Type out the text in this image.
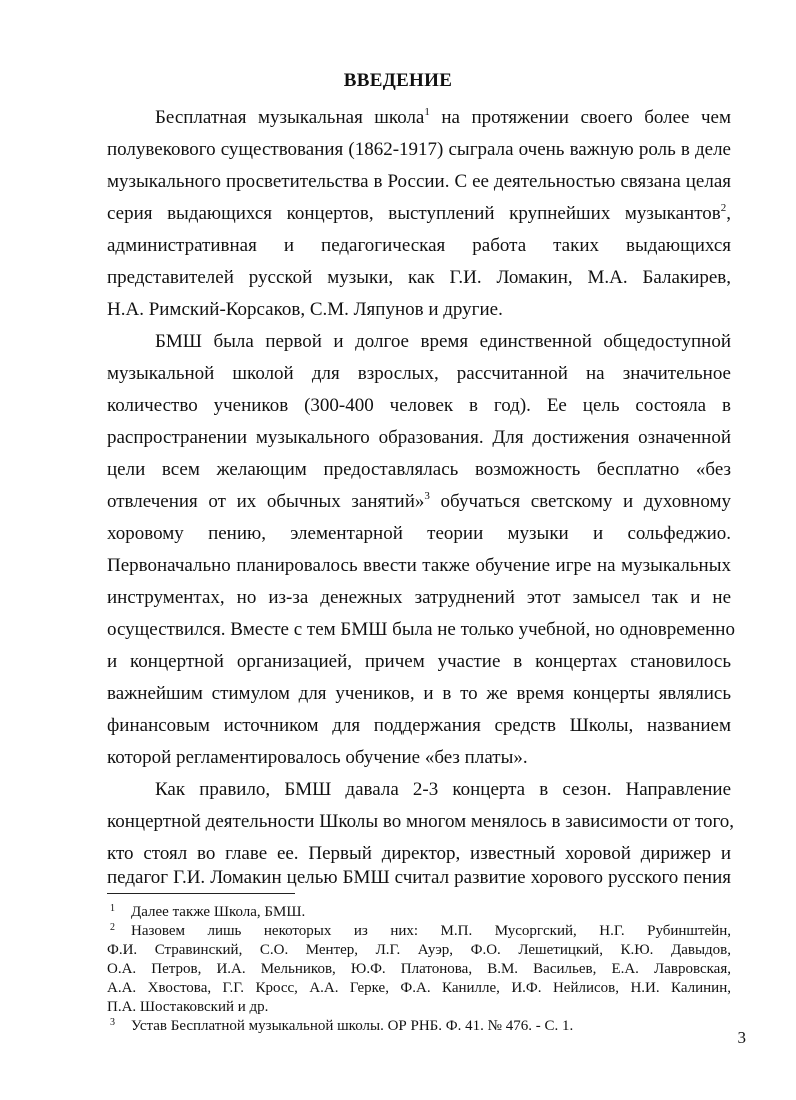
ВВЕДЕНИЕ
Бесплатная музыкальная школа$^1$ на протяжении своего более чем
полувекового существования (1862-1917) сыграла очень важную роль в деле
музыкального просветительства в России. С ее деятельностью связана целая
серия выдающихся концертов, выступлений крупнейших музыкантов$^2$,
административная и педагогическая работа таких выдающихся
представителей русской музыки, как Г.И. Ломакин, М.А. Балакирев,
Н.А. Римский-Корсаков, С.М. Ляпунов и другие.
БМШ была первой и долгое время единственной общедоступной
музыкальной школой для взрослых, рассчитанной на значительное
количество учеников (300-400 человек в год). Ее цель состояла в
распространении музыкального образования. Для достижения означенной
цели всем желающим предоставлялась возможность бесплатно «без
отвлечения от их обычных занятий»$^3$ обучаться светскому и духовному
хоровому пению, элементарной теории музыки и сольфеджио.
Первоначально планировалось ввести также обучение игре на музыкальных
инструментах, но из-за денежных затруднений этот замысел так и не
осуществился. Вместе с тем БМШ была не только учебной, но одновременно
и концертной организацией, причем участие в концертах становилось
важнейшим стимулом для учеников, и в то же время концерты являлись
финансовым источником для поддержания средств Школы, названием
которой регламентировалось обучение «без платы».
Как правило, БМШ давала 2-3 концерта в сезон. Направление
концертной деятельности Школы во многом менялось в зависимости от того,
кто стоял во главе ее. Первый директор, известный хоровой дирижер и
педагог Г.И. Ломакин целью БМШ считал развитие хорового русского пения
1 Далее также Школа, БМШ.
2 Назовем лишь некоторых из них: М.П. Мусоргский, Н.Г. Рубинштейн,
Ф.И. Стравинский, С.О. Ментер, Л.Г. Ауэр, Ф.О. Лешетицкий, К.Ю. Давыдов,
О.А. Петров, И.А. Мельников, Ю.Ф. Платонова, В.М. Васильев, Е.А. Лавровская,
А.А. Хвостова, Г.Г. Кросс, А.А. Герке, Ф.А. Канилле, И.Ф. Нейлисов, Н.И. Калинин,
П.А. Шостаковский и др.
3 Устав Бесплатной музыкальной школы. ОР РНБ. Ф. 41. № 476. - С. 1.
3
